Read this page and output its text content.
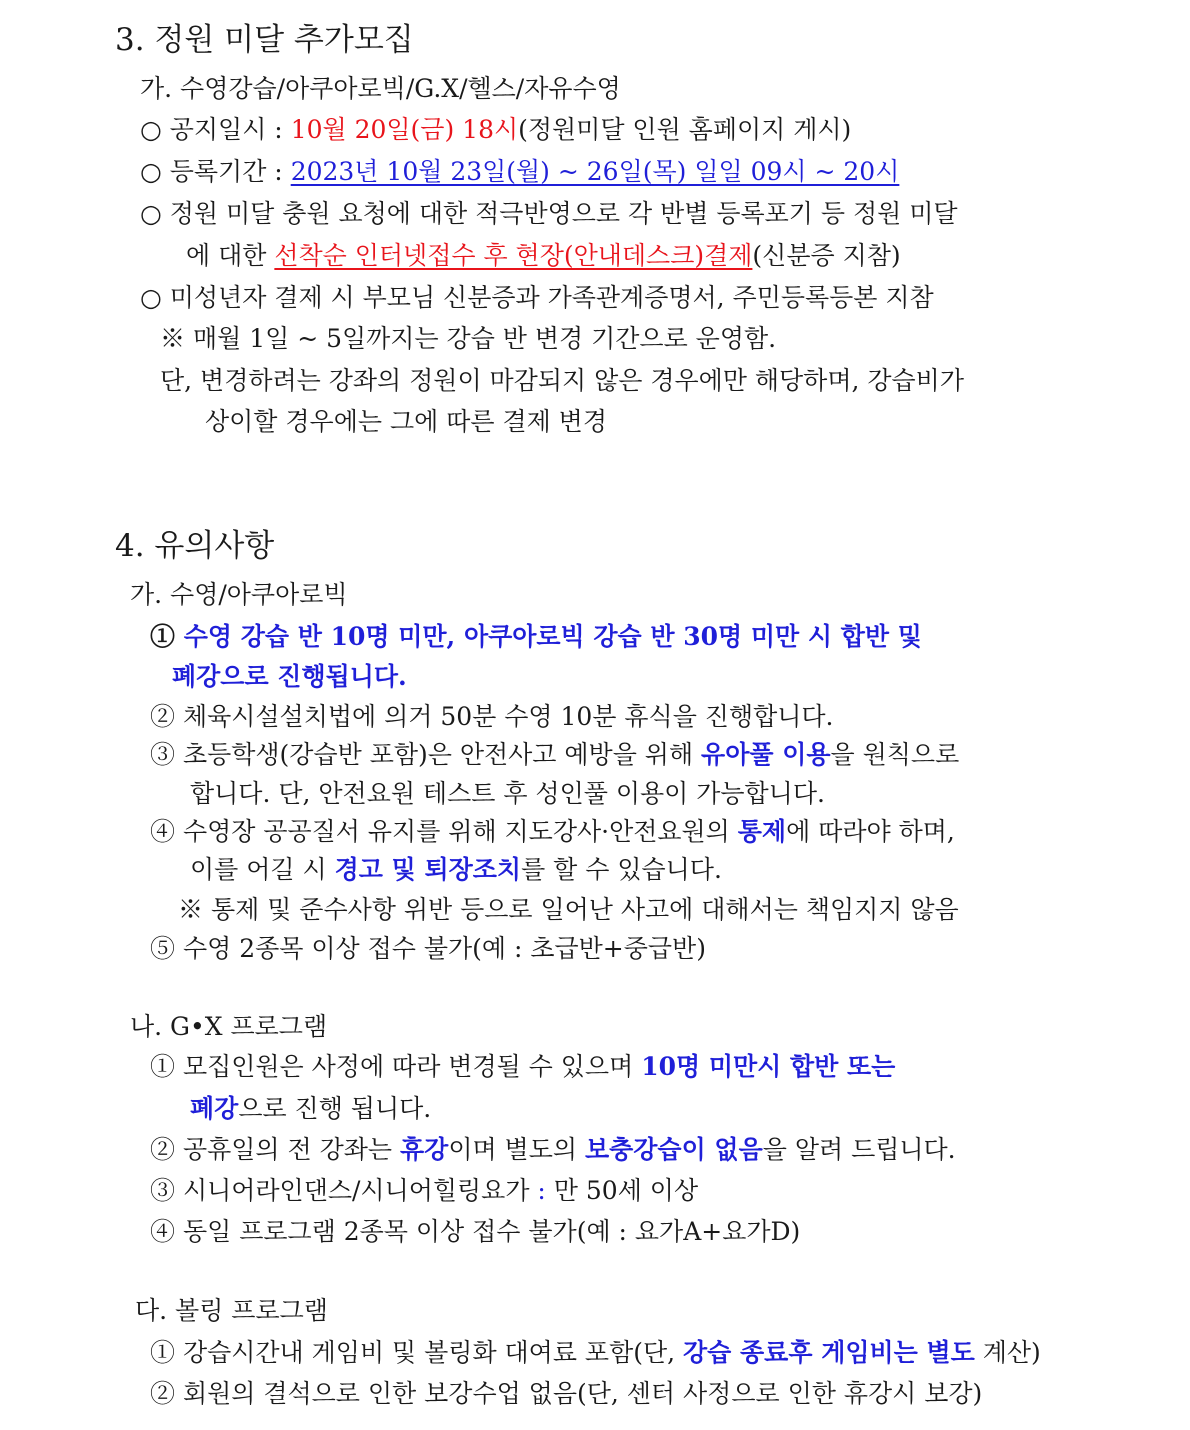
3. 정원 미달 추가모집
가. 수영강습/아쿠아로빅/G.X/헬스/자유수영
○ 공지일시 : 10월 20일(금) 18시(정원미달 인원 홈페이지 게시)
○ 등록기간 : 2023년 10월 23일(월) ~ 26일(목) 일일 09시 ~ 20시
○ 정원 미달 충원 요청에 대한 적극반영으로 각 반별 등록포기 등 정원 미달
에 대한 선착순 인터넷접수 후 현장(안내데스크)결제(신분증 지참)
○ 미성년자 결제 시 부모님 신분증과 가족관계증명서, 주민등록등본 지참
※ 매월 1일 ~ 5일까지는 강습 반 변경 기간으로 운영함.
단, 변경하려는 강좌의 정원이 마감되지 않은 경우에만 해당하며, 강습비가
상이할 경우에는 그에 따른 결제 변경
4. 유의사항
가. 수영/아쿠아로빅
① 수영 강습 반 10명 미만, 아쿠아로빅 강습 반 30명 미만 시 합반 및
폐강으로 진행됩니다.
② 체육시설설치법에 의거 50분 수영 10분 휴식을 진행합니다.
③ 초등학생(강습반 포함)은 안전사고 예방을 위해 유아풀 이용을 원칙으로
합니다. 단, 안전요원 테스트 후 성인풀 이용이 가능합니다.
④ 수영장 공공질서 유지를 위해 지도강사·안전요원의 통제에 따라야 하며,
이를 어길 시 경고 및 퇴장조치를 할 수 있습니다.
※ 통제 및 준수사항 위반 등으로 일어난 사고에 대해서는 책임지지 않음
⑤ 수영 2종목 이상 접수 불가(예 : 초급반+중급반)
나. G•X 프로그램
① 모집인원은 사정에 따라 변경될 수 있으며 10명 미만시 합반 또는
폐강으로 진행 됩니다.
② 공휴일의 전 강좌는 휴강이며 별도의 보충강습이 없음을 알려 드립니다.
③ 시니어라인댄스/시니어힐링요가 : 만 50세 이상
④ 동일 프로그램 2종목 이상 접수 불가(예 : 요가A+요가D)
다. 볼링 프로그램
① 강습시간내 게임비 및 볼링화 대여료 포함(단, 강습 종료후 게임비는 별도 계산)
② 회원의 결석으로 인한 보강수업 없음(단, 센터 사정으로 인한 휴강시 보강)
